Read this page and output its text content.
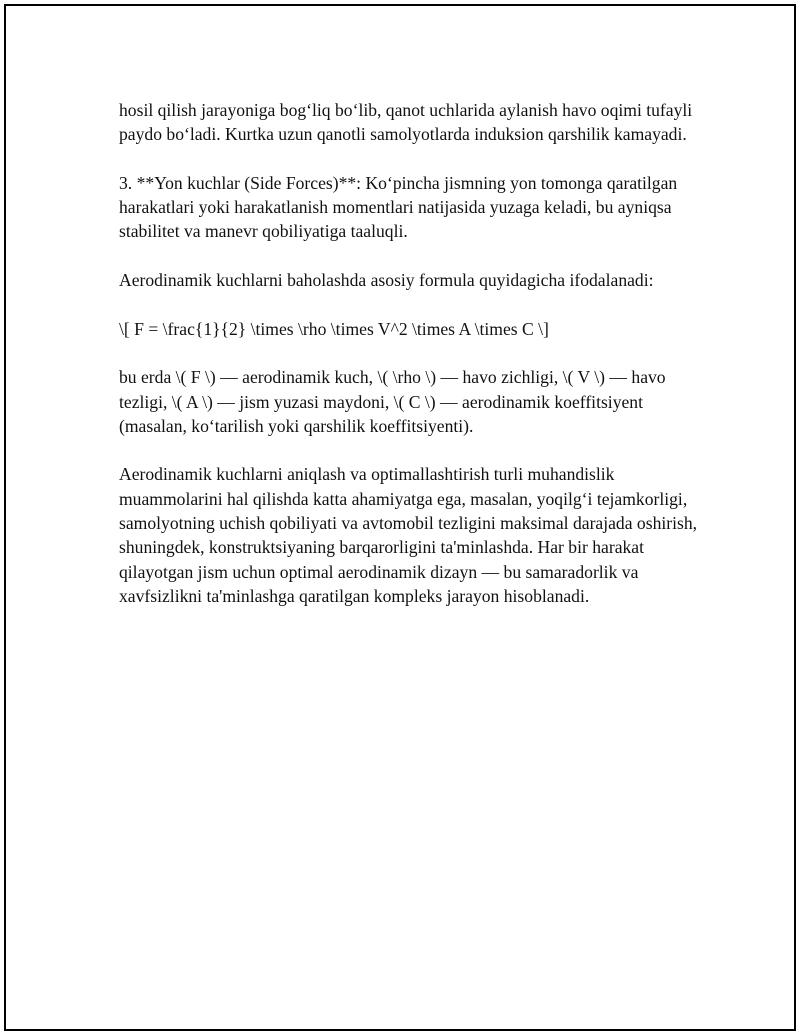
hosil qilish jarayoniga bog‘liq bo‘lib, qanot uchlarida aylanish havo oqimi tufayli paydo bo‘ladi. Kurtka uzun qanotli samolyotlarda induksion qarshilik kamayadi.

3. **Yon kuchlar (Side Forces)**: Ko‘pincha jismning yon tomonga qaratilgan harakatlari yoki harakatlanish momentlari natijasida yuzaga keladi, bu ayniqsa stabilitet va manevr qobiliyatiga taaluqli.

Aerodinamik kuchlarni baholashda asosiy formula quyidagicha ifodalanadi:

\[ F = \frac{1}{2} \times \rho \times V^2 \times A \times C \]

bu erda \( F \) — aerodinamik kuch, \( \rho \) — havo zichligi, \( V \) — havo tezligi, \( A \) — jism yuzasi maydoni, \( C \) — aerodinamik koeffitsiyent (masalan, ko‘tarilish yoki qarshilik koeffitsiyenti).

Aerodinamik kuchlarni aniqlash va optimallashtirish turli muhandislik muammolarini hal qilishda katta ahamiyatga ega, masalan, yoqilg‘i tejamkorligi, samolyotning uchish qobiliyati va avtomobil tezligini maksimal darajada oshirish, shuningdek, konstruktsiyaning barqarorligini ta'minlashda. Har bir harakat qilayotgan jism uchun optimal aerodinamik dizayn — bu samaradorlik va xavfsizlikni ta'minlashga qaratilgan kompleks jarayon hisoblanadi.
